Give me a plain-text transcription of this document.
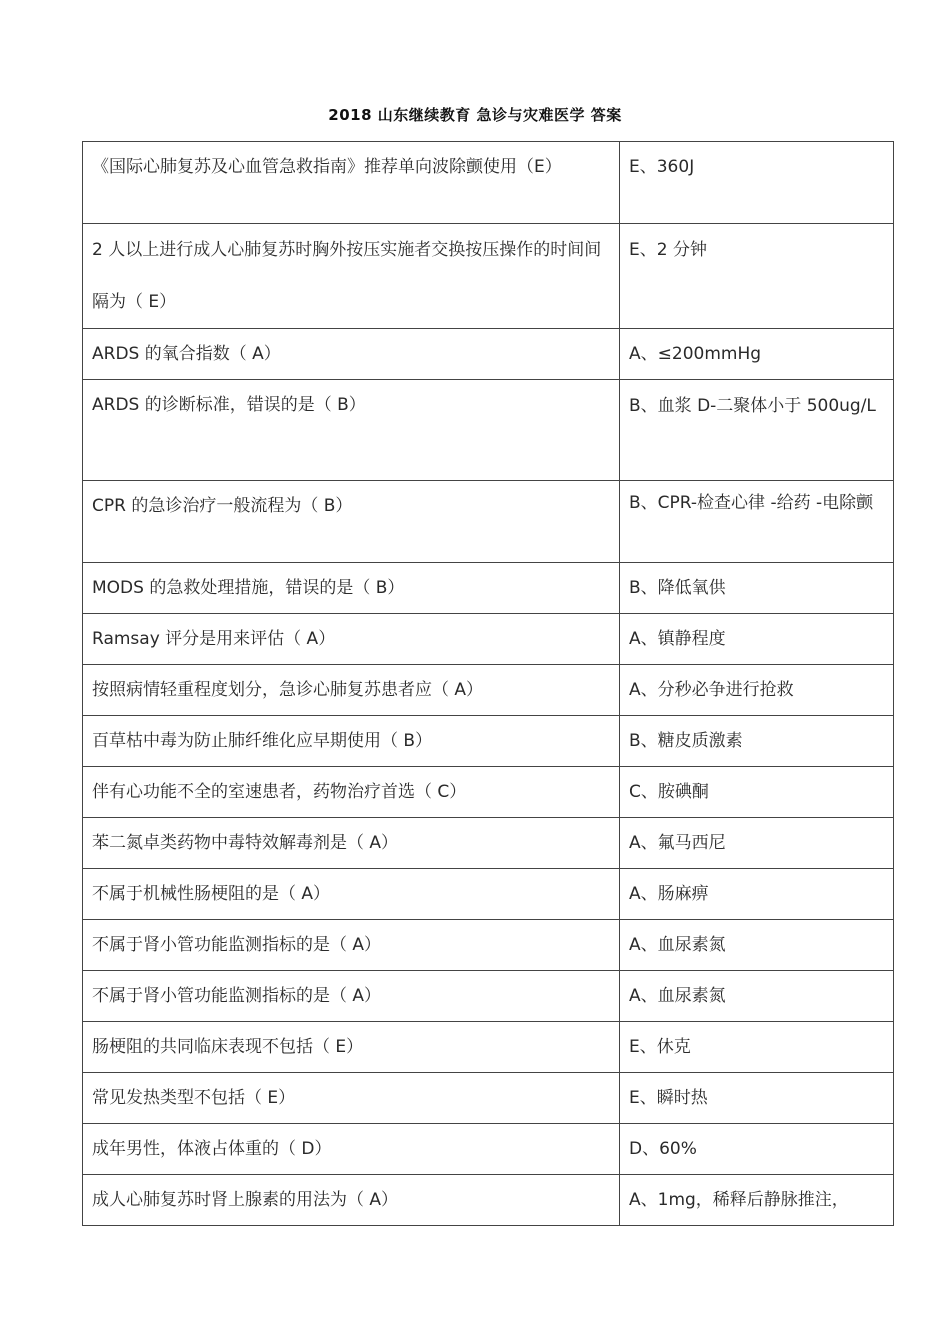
2018 山东继续教育 急诊与灾难医学 答案
《国际心肺复苏及心血管急救指南》推荐单向波除颤使用（E）	E、360J
2 人以上进行成人心肺复苏时胸外按压实施者交换按压操作的时间间隔为（ E）	E、2 分钟
ARDS 的氧合指数（ A）	A、≤200mmHg
ARDS 的诊断标准，错误的是（ B）	B、血浆 D-二聚体小于 500ug/L
CPR 的急诊治疗一般流程为（ B）	B、CPR-检查心律 -给药 -电除颤
MODS 的急救处理措施，错误的是（ B）	B、降低氧供
Ramsay 评分是用来评估（ A）	A、镇静程度
按照病情轻重程度划分，急诊心肺复苏患者应（ A）	A、分秒必争进行抢救
百草枯中毒为防止肺纤维化应早期使用（ B）	B、糖皮质激素
伴有心功能不全的室速患者，药物治疗首选（ C）	C、胺碘酮
苯二氮卓类药物中毒特效解毒剂是（ A）	A、氟马西尼
不属于机械性肠梗阻的是（ A）	A、肠麻痹
不属于肾小管功能监测指标的是（ A）	A、血尿素氮
不属于肾小管功能监测指标的是（ A）	A、血尿素氮
肠梗阻的共同临床表现不包括（ E）	E、休克
常见发热类型不包括（ E）	E、瞬时热
成年男性，体液占体重的（ D）	D、60%
成人心肺复苏时肾上腺素的用法为（ A）	A、1mg，稀释后静脉推注，
